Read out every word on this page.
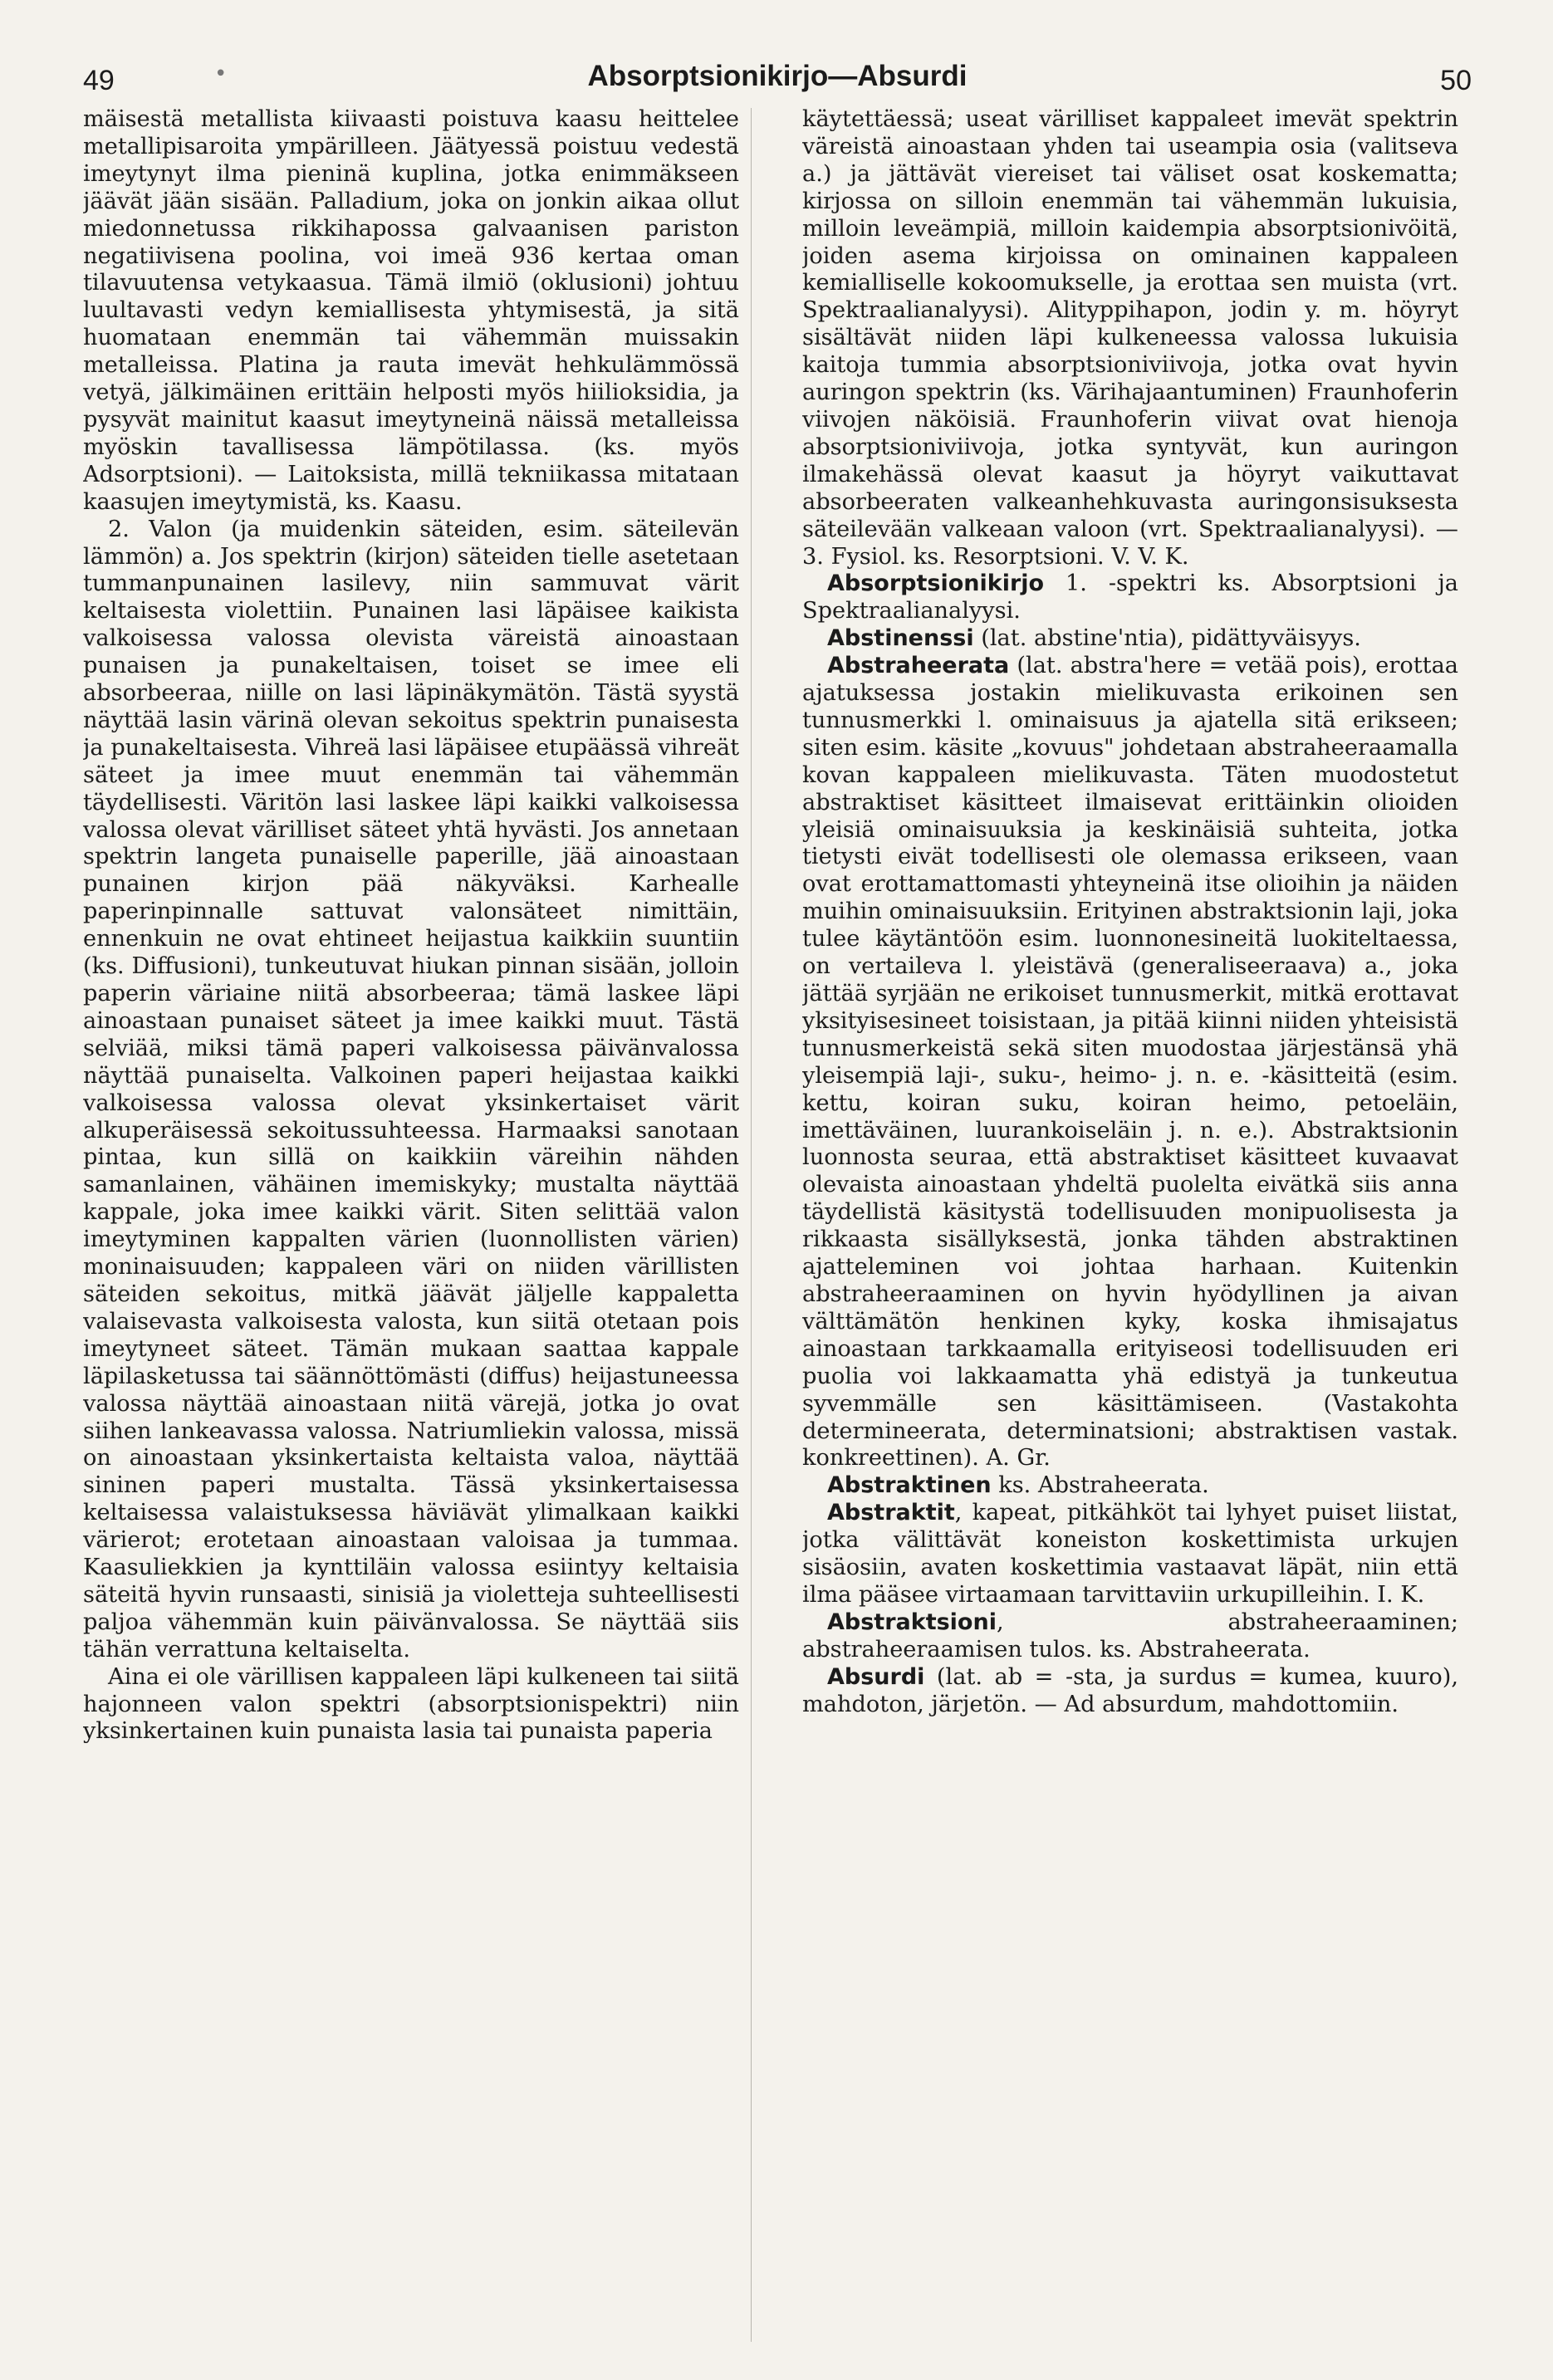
49	•	Absorptsionikirjo—Absurdi	50

mäisestä metallista kiivaasti poistuva kaasu heittelee metallipisaroita ympärilleen. Jäätyessä poistuu vedestä imeytynyt ilma pieninä kuplina, jotka enimmäkseen jäävät jään sisään. Palladium, joka on jonkin aikaa ollut miedonnetussa rikkihapossa galvaanisen pariston negatiivisena poolina, voi imeä 936 kertaa oman tilavuutensa vetykaasua. Tämä ilmiö (oklusioni) johtuu luultavasti vedyn kemiallisesta yhtymisestä, ja sitä huomataan enemmän tai vähemmän muissakin metalleissa. Platina ja rauta imevät hehkulämmössä vetyä, jälkimäinen erittäin helposti myös hiilioksidia, ja pysyvät mainitut kaasut imeytyneinä näissä metalleissa myöskin tavallisessa lämpötilassa. (ks. myös Adsorptsioni). — Laitoksista, millä tekniikassa mitataan kaasujen imeytymistä, ks. Kaasu.

2. Valon (ja muidenkin säteiden, esim. säteilevän lämmön) a. Jos spektrin (kirjon) säteiden tielle asetetaan tummanpunainen lasilevy, niin sammuvat värit keltaisesta violettiin. Punainen lasi läpäisee kaikista valkoisessa valossa olevista väreistä ainoastaan punaisen ja punakeltaisen, toiset se imee eli absorbeeraa, niille on lasi läpinäkymätön. Tästä syystä näyttää lasin värinä olevan sekoitus spektrin punaisesta ja punakeltaisesta. Vihreä lasi läpäisee etupäässä vihreät säteet ja imee muut enemmän tai vähemmän täydellisesti. Väritön lasi laskee läpi kaikki valkoisessa valossa olevat värilliset säteet yhtä hyvästi. Jos annetaan spektrin langeta punaiselle paperille, jää ainoastaan punainen kirjon pää näkyväksi. Karhealle paperinpinnalle sattuvat valonsäteet nimittäin, ennenkuin ne ovat ehtineet heijastua kaikkiin suuntiin (ks. Diffusioni), tunkeutuvat hiukan pinnan sisään, jolloin paperin väriaine niitä absorbeeraa; tämä laskee läpi ainoastaan punaiset säteet ja imee kaikki muut. Tästä selviää, miksi tämä paperi valkoisessa päivänvalossa näyttää punaiselta. Valkoinen paperi heijastaa kaikki valkoisessa valossa olevat yksinkertaiset värit alkuperäisessä sekoitussuhteessa. Harmaaksi sanotaan pintaa, kun sillä on kaikkiin väreihin nähden samanlainen, vähäinen imemiskyky; mustalta näyttää kappale, joka imee kaikki värit. Siten selittää valon imeytyminen kappalten värien (luonnollisten värien) moninaisuuden; kappaleen väri on niiden värillisten säteiden sekoitus, mitkä jäävät jäljelle kappaletta valaisevasta valkoisesta valosta, kun siitä otetaan pois imeytyneet säteet. Tämän mukaan saattaa kappale läpilasketussa tai säännöttömästi (diffus) heijastuneessa valossa näyttää ainoastaan niitä värejä, jotka jo ovat siihen lankeavassa valossa. Natriumliekin valossa, missä on ainoastaan yksinkertaista keltaista valoa, näyttää sininen paperi mustalta. Tässä yksinkertaisessa keltaisessa valaistuksessa häviävät ylimalkaan kaikki värierot; erotetaan ainoastaan valoisaa ja tummaa. Kaasuliekkien ja kynttiläin valossa esiintyy keltaisia säteitä hyvin runsaasti, sinisiä ja violetteja suhteellisesti paljoa vähemmän kuin päivänvalossa. Se näyttää siis tähän verrattuna keltaiselta.

Aina ei ole värillisen kappaleen läpi kulkeneen tai siitä hajonneen valon spektri (absorptsionispektri) niin yksinkertainen kuin punaista lasia tai punaista paperia

käytettäessä; useat värilliset kappaleet imevät spektrin väreistä ainoastaan yhden tai useampia osia (valitseva a.) ja jättävät viereiset tai väliset osat koskematta; kirjossa on silloin enemmän tai vähemmän lukuisia, milloin leveämpiä, milloin kaidempia absorptsionivöitä, joiden asema kirjoissa on ominainen kappaleen kemialliselle kokoomukselle, ja erottaa sen muista (vrt. Spektraalianalyysi). Alityppihapon, jodin y. m. höyryt sisältävät niiden läpi kulkeneessa valossa lukuisia kaitoja tummia absorptsioniviivoja, jotka ovat hyvin auringon spektrin (ks. Värihajaantuminen) Fraunhoferin viivojen näköisiä. Fraunhoferin viivat ovat hienoja absorptsioniviivoja, jotka syntyvät, kun auringon ilmakehässä olevat kaasut ja höyryt vaikuttavat absorbeeraten valkeanhehkuvasta auringonsisuksesta säteilevään valkeaan valoon (vrt. Spektraalianalyysi). — 3. Fysiol. ks. Resorptsioni. V. V. K.

Absorptsionikirjo 1. -spektri ks. Absorptsioni ja Spektraalianalyysi.

Abstinenssi (lat. abstine'ntia), pidättyväisyys.

Abstraheerata (lat. abstra'here = vetää pois), erottaa ajatuksessa jostakin mielikuvasta erikoinen sen tunnusmerkki l. ominaisuus ja ajatella sitä erikseen; siten esim. käsite „kovuus" johdetaan abstraheeraamalla kovan kappaleen mielikuvasta. Täten muodostetut abstraktiset käsitteet ilmaisevat erittäinkin olioiden yleisiä ominaisuuksia ja keskinäisiä suhteita, jotka tietysti eivät todellisesti ole olemassa erikseen, vaan ovat erottamattomasti yhteyneinä itse olioihin ja näiden muihin ominaisuuksiin. Erityinen abstraktsionin laji, joka tulee käytäntöön esim. luonnonesineitä luokiteltaessa, on vertaileva l. yleistävä (generaliseeraava) a., joka jättää syrjään ne erikoiset tunnusmerkit, mitkä erottavat yksityisesineet toisistaan, ja pitää kiinni niiden yhteisistä tunnusmerkeistä sekä siten muodostaa järjestänsä yhä yleisempiä laji-, suku-, heimo- j. n. e. -käsitteitä (esim. kettu, koiran suku, koiran heimo, petoeläin, imettäväinen, luurankoiseläin j. n. e.). Abstraktsionin luonnosta seuraa, että abstraktiset käsitteet kuvaavat olevaista ainoastaan yhdeltä puolelta eivätkä siis anna täydellistä käsitystä todellisuuden monipuolisesta ja rikkaasta sisällyksestä, jonka tähden abstraktinen ajatteleminen voi johtaa harhaan. Kuitenkin abstraheeraaminen on hyvin hyödyllinen ja aivan välttämätön henkinen kyky, koska ihmisajatus ainoastaan tarkkaamalla erityiseosi todellisuuden eri puolia voi lakkaamatta yhä edistyä ja tunkeutua syvemmälle sen käsittämiseen. (Vastakohta determineerata, determinatsioni; abstraktisen vastak. konkreettinen). A. Gr.

Abstraktinen ks. Abstraheerata.

Abstraktit, kapeat, pitkähköt tai lyhyet puiset liistat, jotka välittävät koneiston koskettimista urkujen sisäosiin, avaten koskettimia vastaavat läpät, niin että ilma pääsee virtaamaan tarvittaviin urkupilleihin. I. K.

Abstraktsioni, abstraheeraaminen; abstraheeraamisen tulos. ks. Abstraheerata.

Absurdi (lat. ab = -sta, ja surdus = kumea, kuuro), mahdoton, järjetön. — Ad absurdum, mahdottomiin.
